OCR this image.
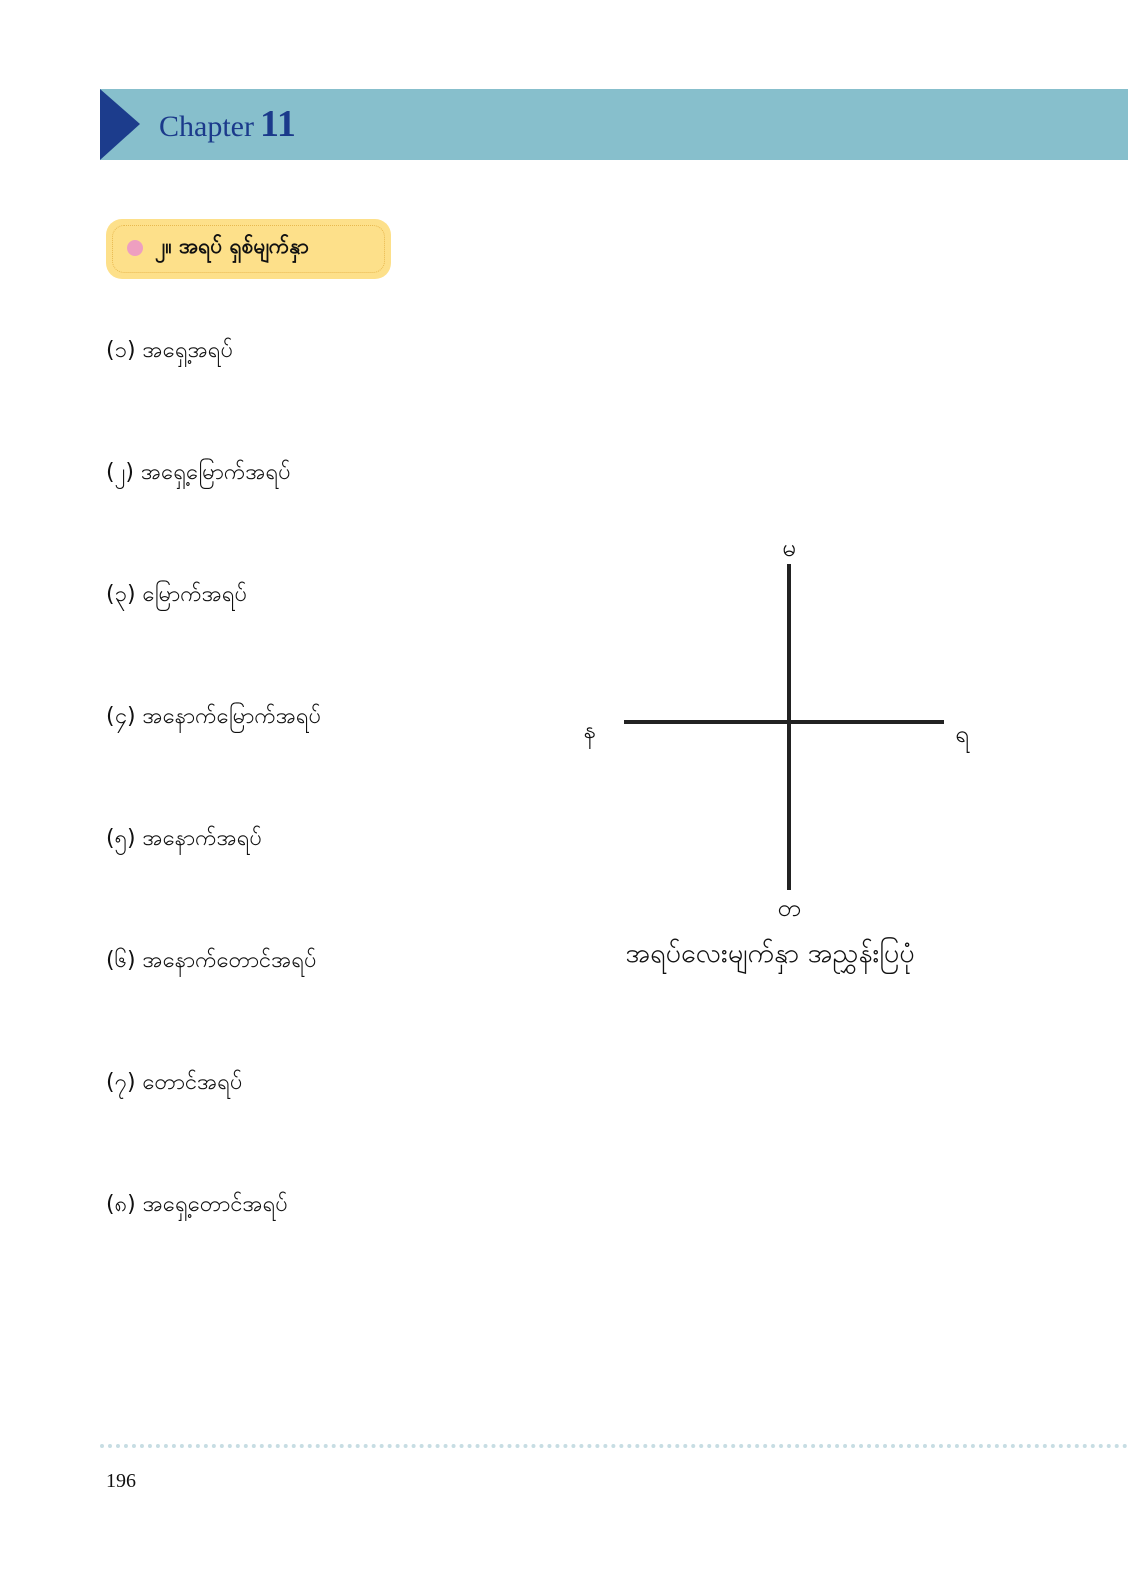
Chapter 11
၂။ အရပ် ရှစ်မျက်နှာ
(၁) အရှေ့အရပ်
(၂) အရှေ့မြောက်အရပ်
(၃) မြောက်အရပ်
(၄) အနောက်မြောက်အရပ်
(၅) အနောက်အရပ်
(၆) အနောက်တောင်အရပ်
(၇) တောင်အရပ်
(၈) အရှေ့တောင်အရပ်
မ
တ
ရ
န
အရပ်လေးမျက်နှာ အညွှန်းပြပုံ
196
